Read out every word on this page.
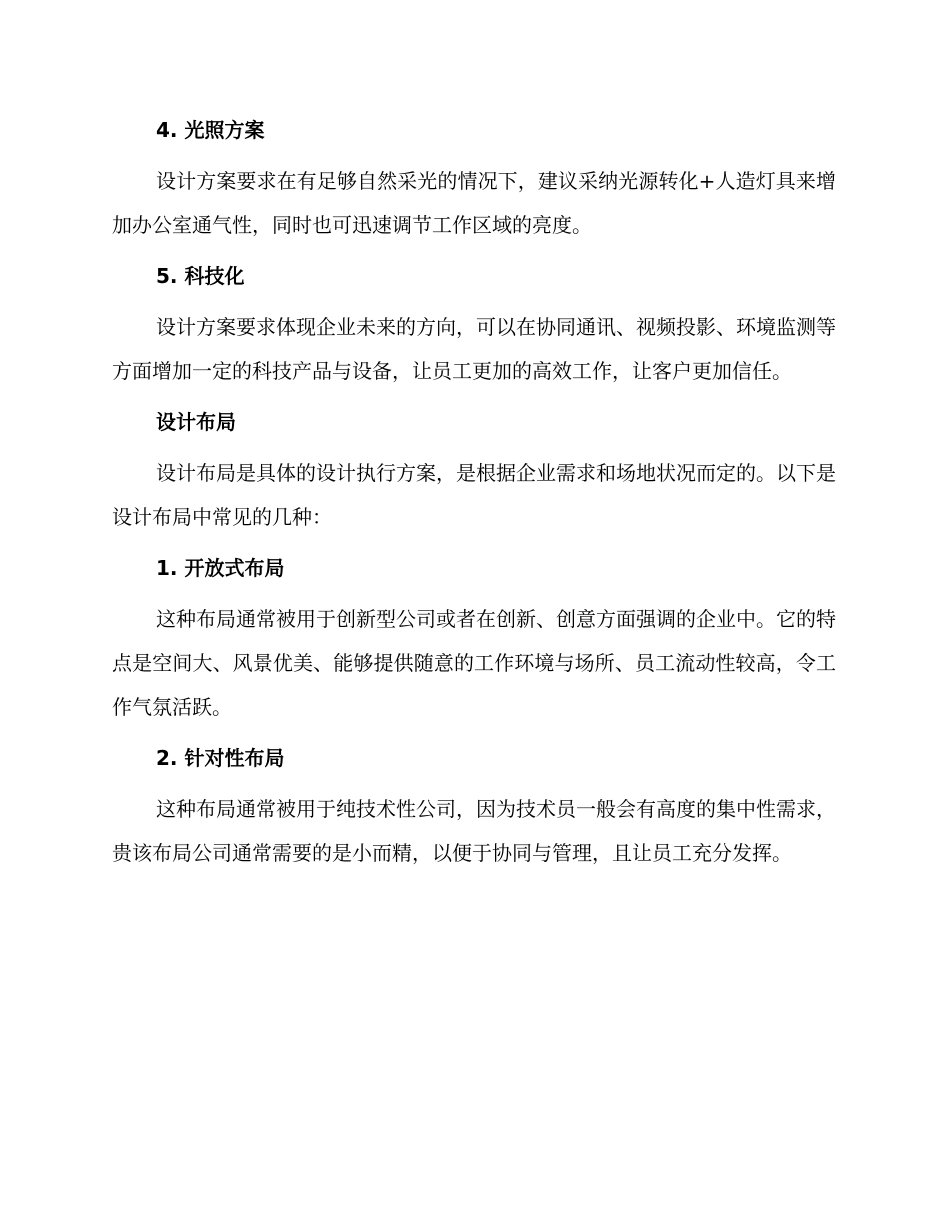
4. 光照方案

设计方案要求在有足够自然采光的情况下，建议采纳光源转化+人造灯具来增加办公室通气性，同时也可迅速调节工作区域的亮度。

5. 科技化

设计方案要求体现企业未来的方向，可以在协同通讯、视频投影、环境监测等方面增加一定的科技产品与设备，让员工更加的高效工作，让客户更加信任。

设计布局

设计布局是具体的设计执行方案，是根据企业需求和场地状况而定的。以下是设计布局中常见的几种：

1. 开放式布局

这种布局通常被用于创新型公司或者在创新、创意方面强调的企业中。它的特点是空间大、风景优美、能够提供随意的工作环境与场所、员工流动性较高，令工作气氛活跃。

2. 针对性布局

这种布局通常被用于纯技术性公司，因为技术员一般会有高度的集中性需求，贵该布局公司通常需要的是小而精，以便于协同与管理，且让员工充分发挥。
